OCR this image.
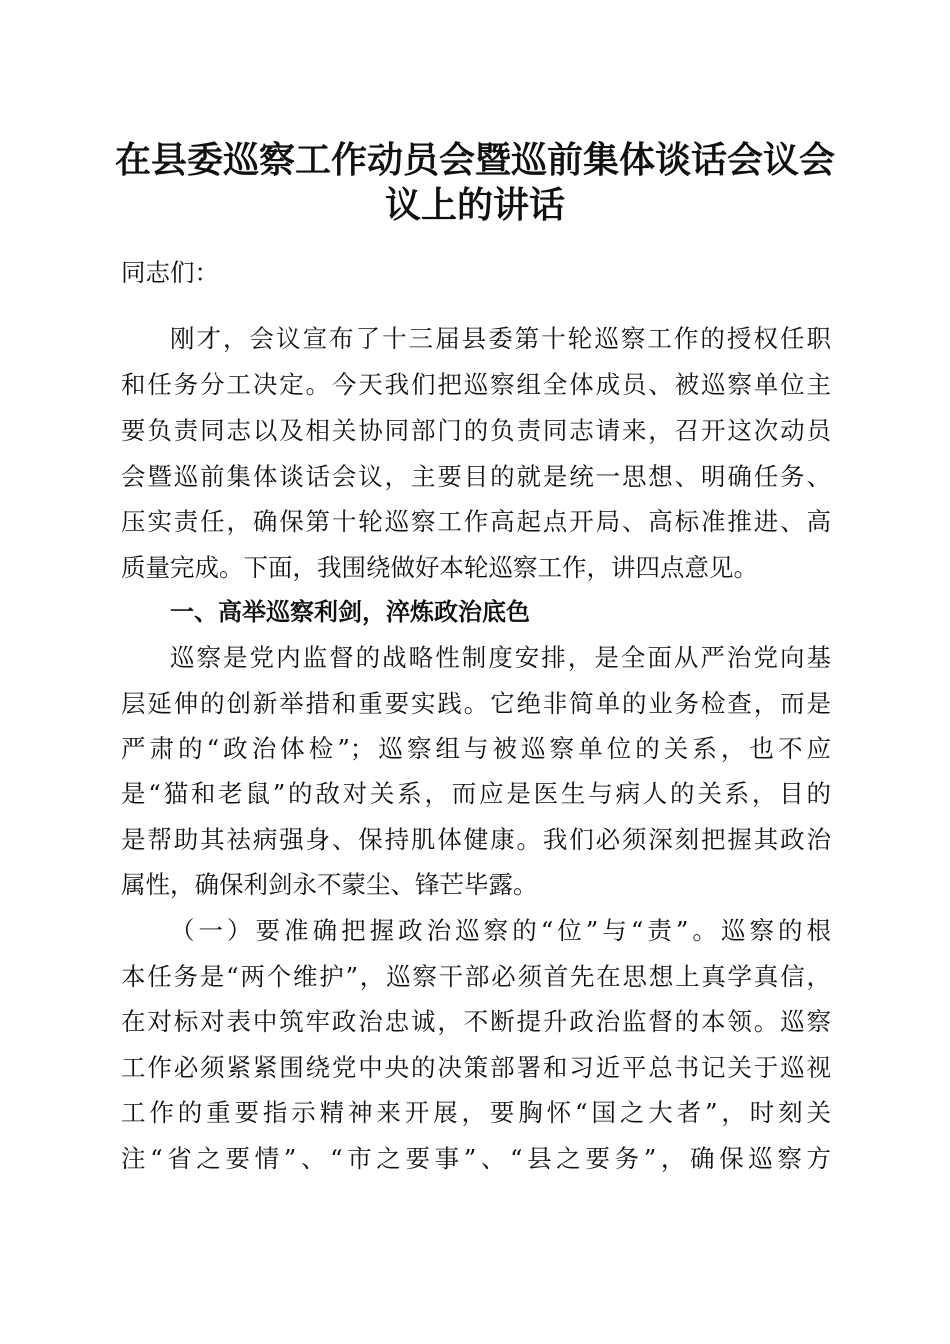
在县委巡察工作动员会暨巡前集体谈话会议会
议上的讲话
同志们：
刚才，会议宣布了十三届县委第十轮巡察工作的授权任职
和任务分工决定。今天我们把巡察组全体成员、被巡察单位主
要负责同志以及相关协同部门的负责同志请来，召开这次动员
会暨巡前集体谈话会议，主要目的就是统一思想、明确任务、
压实责任，确保第十轮巡察工作高起点开局、高标准推进、高
质量完成。下面，我围绕做好本轮巡察工作，讲四点意见。
一、高举巡察利剑，淬炼政治底色
巡察是党内监督的战略性制度安排，是全面从严治党向基
层延伸的创新举措和重要实践。它绝非简单的业务检查，而是
严肃的“政治体检”；巡察组与被巡察单位的关系，也不应
是“猫和老鼠”的敌对关系，而应是医生与病人的关系，目的
是帮助其祛病强身、保持肌体健康。我们必须深刻把握其政治
属性，确保利剑永不蒙尘、锋芒毕露。
（一）要准确把握政治巡察的“位”与“责”。巡察的根
本任务是“两个维护”，巡察干部必须首先在思想上真学真信，
在对标对表中筑牢政治忠诚，不断提升政治监督的本领。巡察
工作必须紧紧围绕党中央的决策部署和习近平总书记关于巡视
工作的重要指示精神来开展，要胸怀“国之大者”，时刻关
注“省之要情”、“市之要事”、“县之要务”，确保巡察方
